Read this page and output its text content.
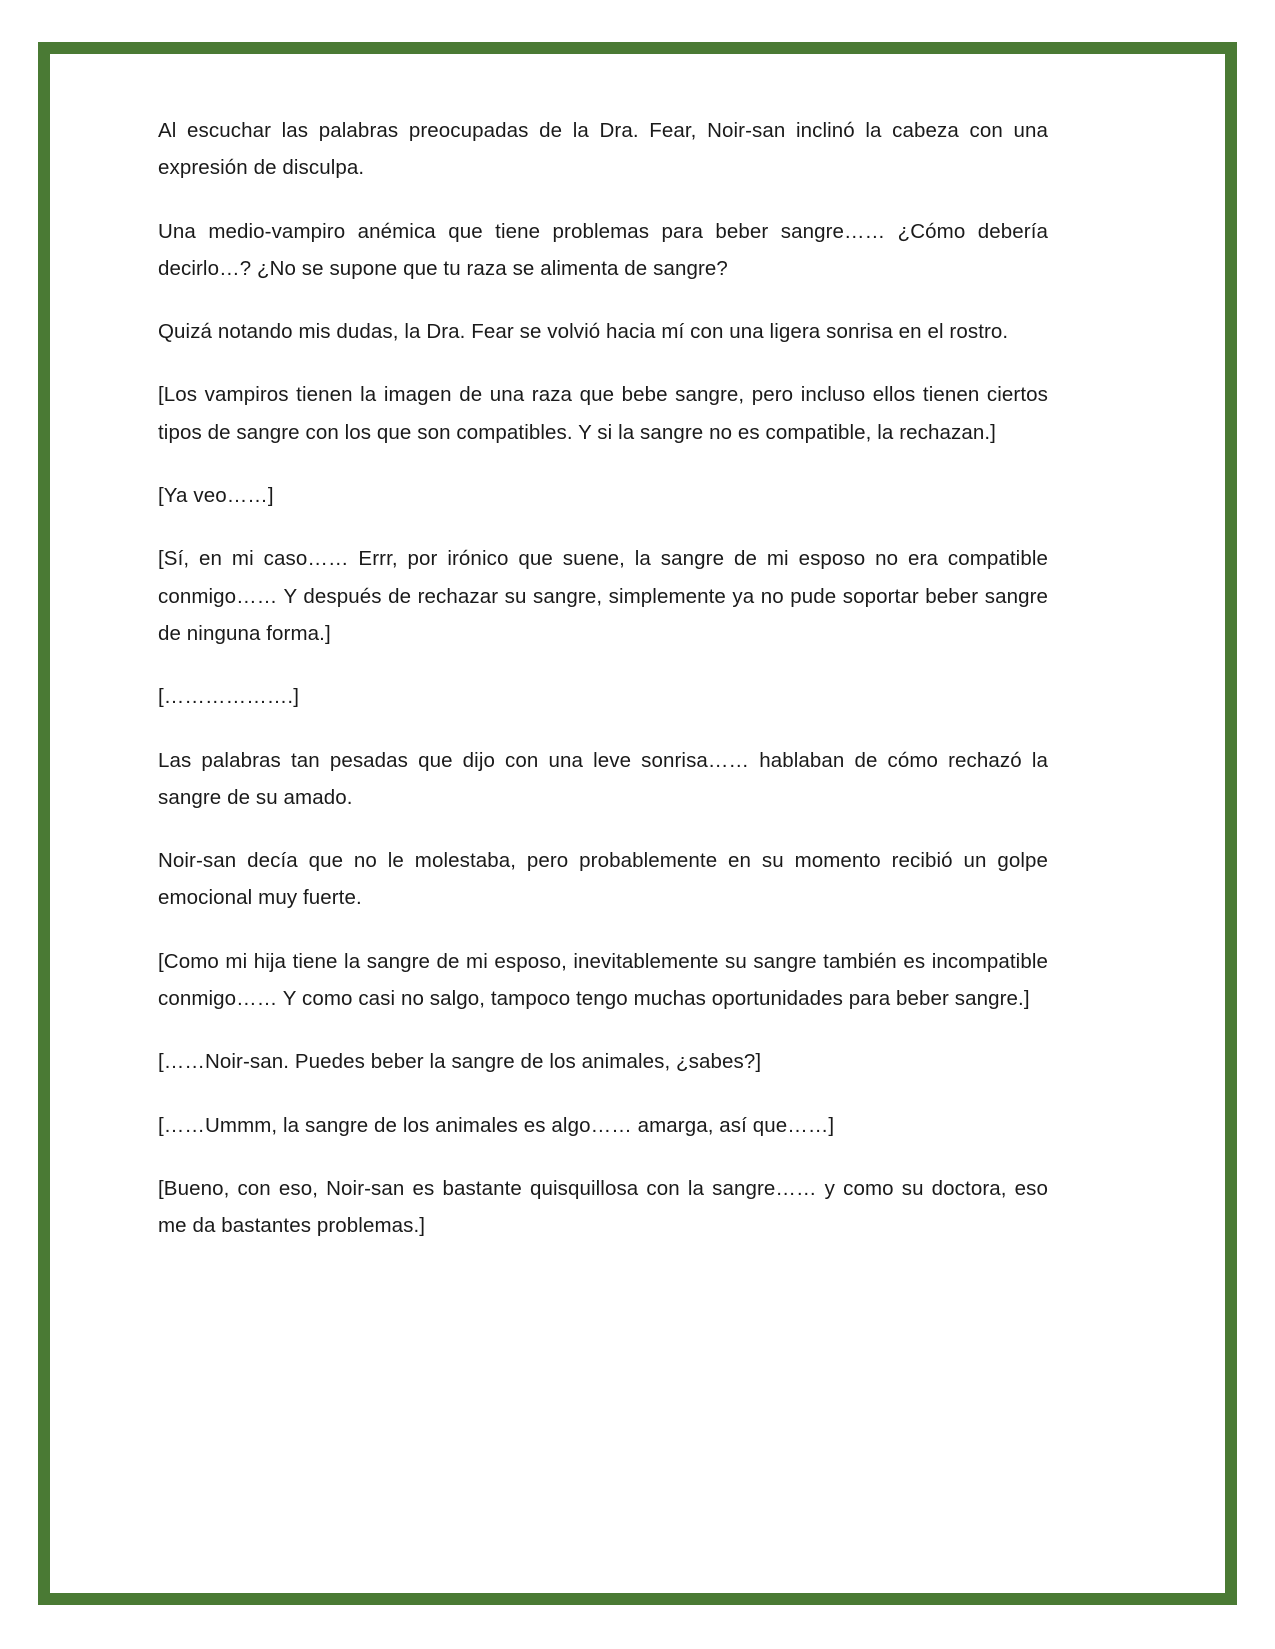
Al escuchar las palabras preocupadas de la Dra. Fear, Noir-san inclinó la cabeza con una expresión de disculpa.

Una medio-vampiro anémica que tiene problemas para beber sangre…… ¿Cómo debería decirlo…? ¿No se supone que tu raza se alimenta de sangre?

Quizá notando mis dudas, la Dra. Fear se volvió hacia mí con una ligera sonrisa en el rostro.

[Los vampiros tienen la imagen de una raza que bebe sangre, pero incluso ellos tienen ciertos tipos de sangre con los que son compatibles. Y si la sangre no es compatible, la rechazan.]

[Ya veo……]

[Sí, en mi caso…… Errr, por irónico que suene, la sangre de mi esposo no era compatible conmigo…… Y después de rechazar su sangre, simplemente ya no pude soportar beber sangre de ninguna forma.]

[……………….]

Las palabras tan pesadas que dijo con una leve sonrisa…… hablaban de cómo rechazó la sangre de su amado.

Noir-san decía que no le molestaba, pero probablemente en su momento recibió un golpe emocional muy fuerte.

[Como mi hija tiene la sangre de mi esposo, inevitablemente su sangre también es incompatible conmigo…… Y como casi no salgo, tampoco tengo muchas oportunidades para beber sangre.]

[……Noir-san. Puedes beber la sangre de los animales, ¿sabes?]

[……Ummm, la sangre de los animales es algo…… amarga, así que……]

[Bueno, con eso, Noir-san es bastante quisquillosa con la sangre…… y como su doctora, eso me da bastantes problemas.]
